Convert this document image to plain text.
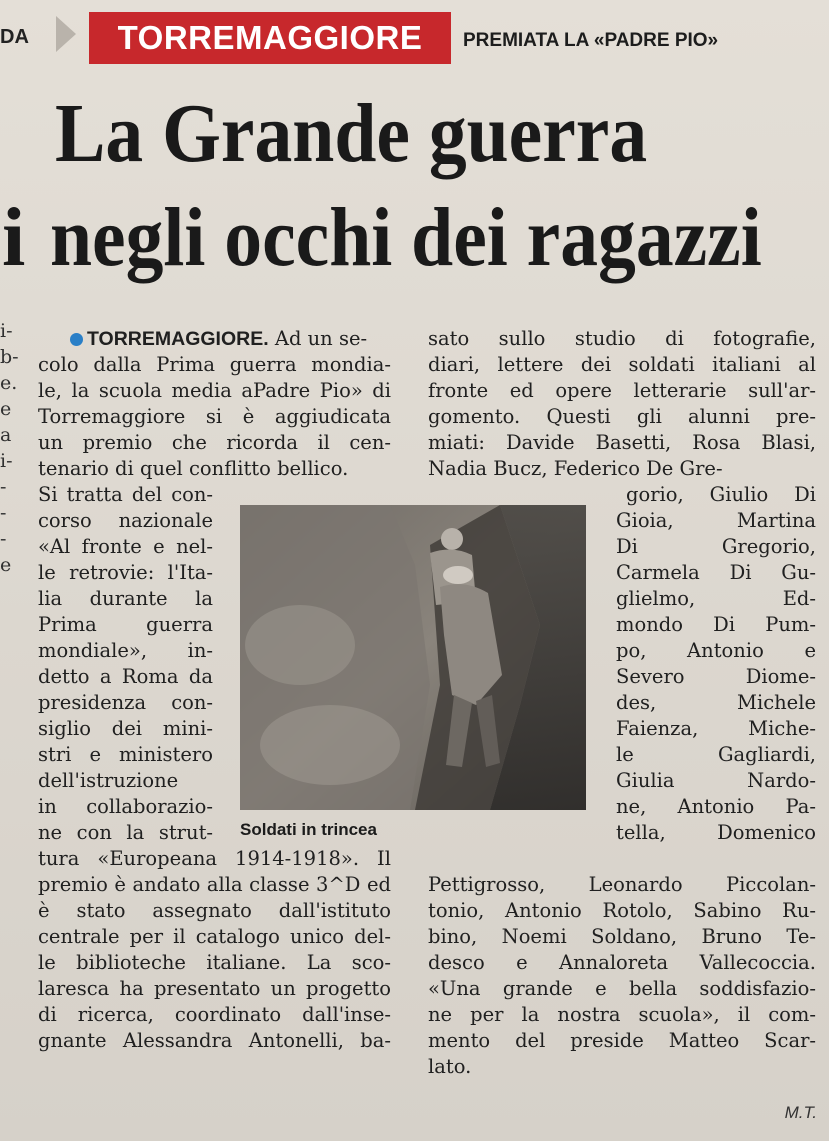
DA	TORREMAGGIORE PREMIATA LA «PADRE PIO»
La Grande guerra
i negli occhi dei ragazzi
i-
b-
e.
e
a
i-
-
-
-
e
TORREMAGGIORE. Ad un se-
colo dalla Prima guerra mondia-
le, la scuola media aPadre Pio» di
Torremaggiore si è aggiudicata
un premio che ricorda il cen-
tenario di quel conflitto bellico.
Si tratta del con-
corso nazionale
«Al fronte e nel-
le retrovie: l'Ita-
lia durante la
Prima guerra
mondiale», in-
detto a Roma da
presidenza con-
siglio dei mini-
stri e ministero
dell'istruzione
in collaborazio-
ne con la strut-
tura «Europeana 1914-1918». Il
premio è andato alla classe 3^D ed
è stato assegnato dall'istituto
centrale per il catalogo unico del-
le biblioteche italiane. La sco-
laresca ha presentato un progetto
di ricerca, coordinato dall'inse-
gnante Alessandra Antonelli, ba-
sato sullo studio di fotografie,
diari, lettere dei soldati italiani al
fronte ed opere letterarie sull'ar-
gomento. Questi gli alunni pre-
miati: Davide Basetti, Rosa Blasi,
Nadia Bucz, Federico De Gre-
gorio, Giulio Di
Gioia, Martina
Di Gregorio,
Carmela Di Gu-
glielmo, Ed-
mondo Di Pum-
po, Antonio e
Severo Diome-
des, Michele
Faienza, Miche-
le Gagliardi,
Giulia Nardo-
ne, Antonio Pa-
tella, Domenico
Pettigrosso, Leonardo Piccolan-
tonio, Antonio Rotolo, Sabino Ru-
bino, Noemi Soldano, Bruno Te-
desco e Annaloreta Vallecoccia.
«Una grande e bella soddisfazio-
ne per la nostra scuola», il com-
mento del preside Matteo Scar-
lato.
Soldati in trincea
M.T.
